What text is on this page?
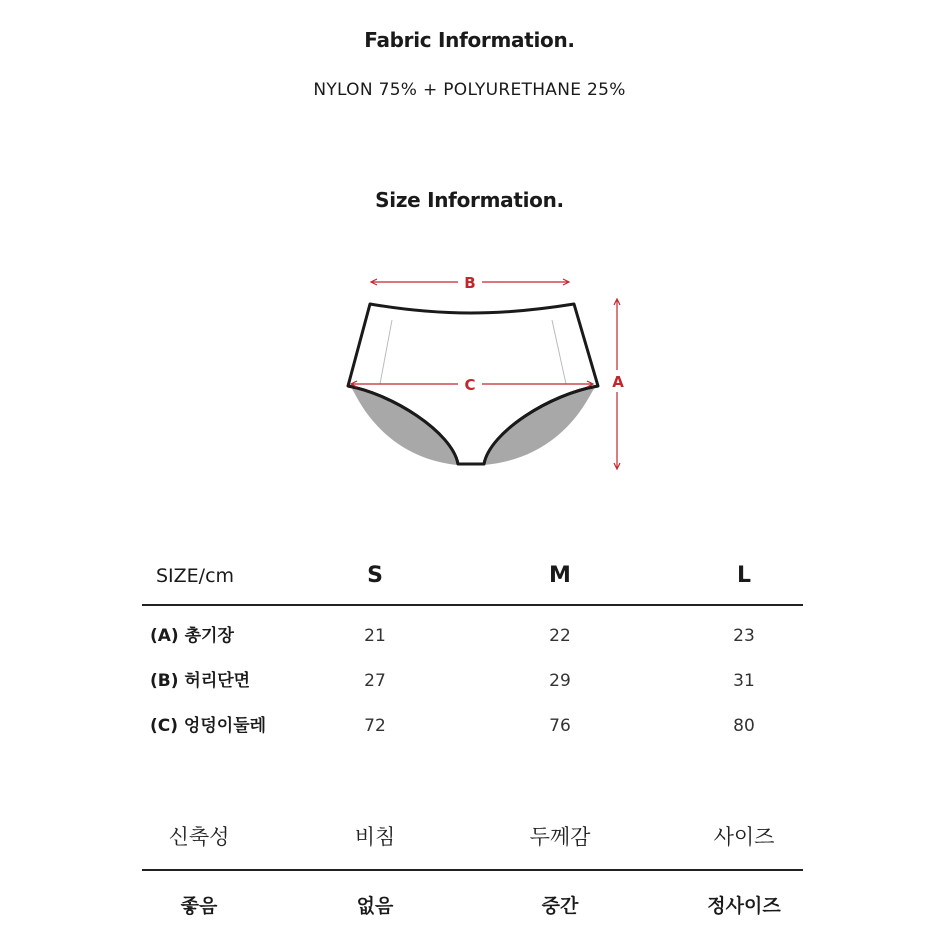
Fabric Information.
NYLON 75% + POLYURETHANE 25%
Size Information.
B
C	A
SIZE/cm	S	M	L
(A) 총기장	21	22	23
(B) 허리단면	27	29	31
(C) 엉덩이둘레	72	76	80
신축성	비침	두께감	사이즈
좋음	없음	중간	정사이즈
